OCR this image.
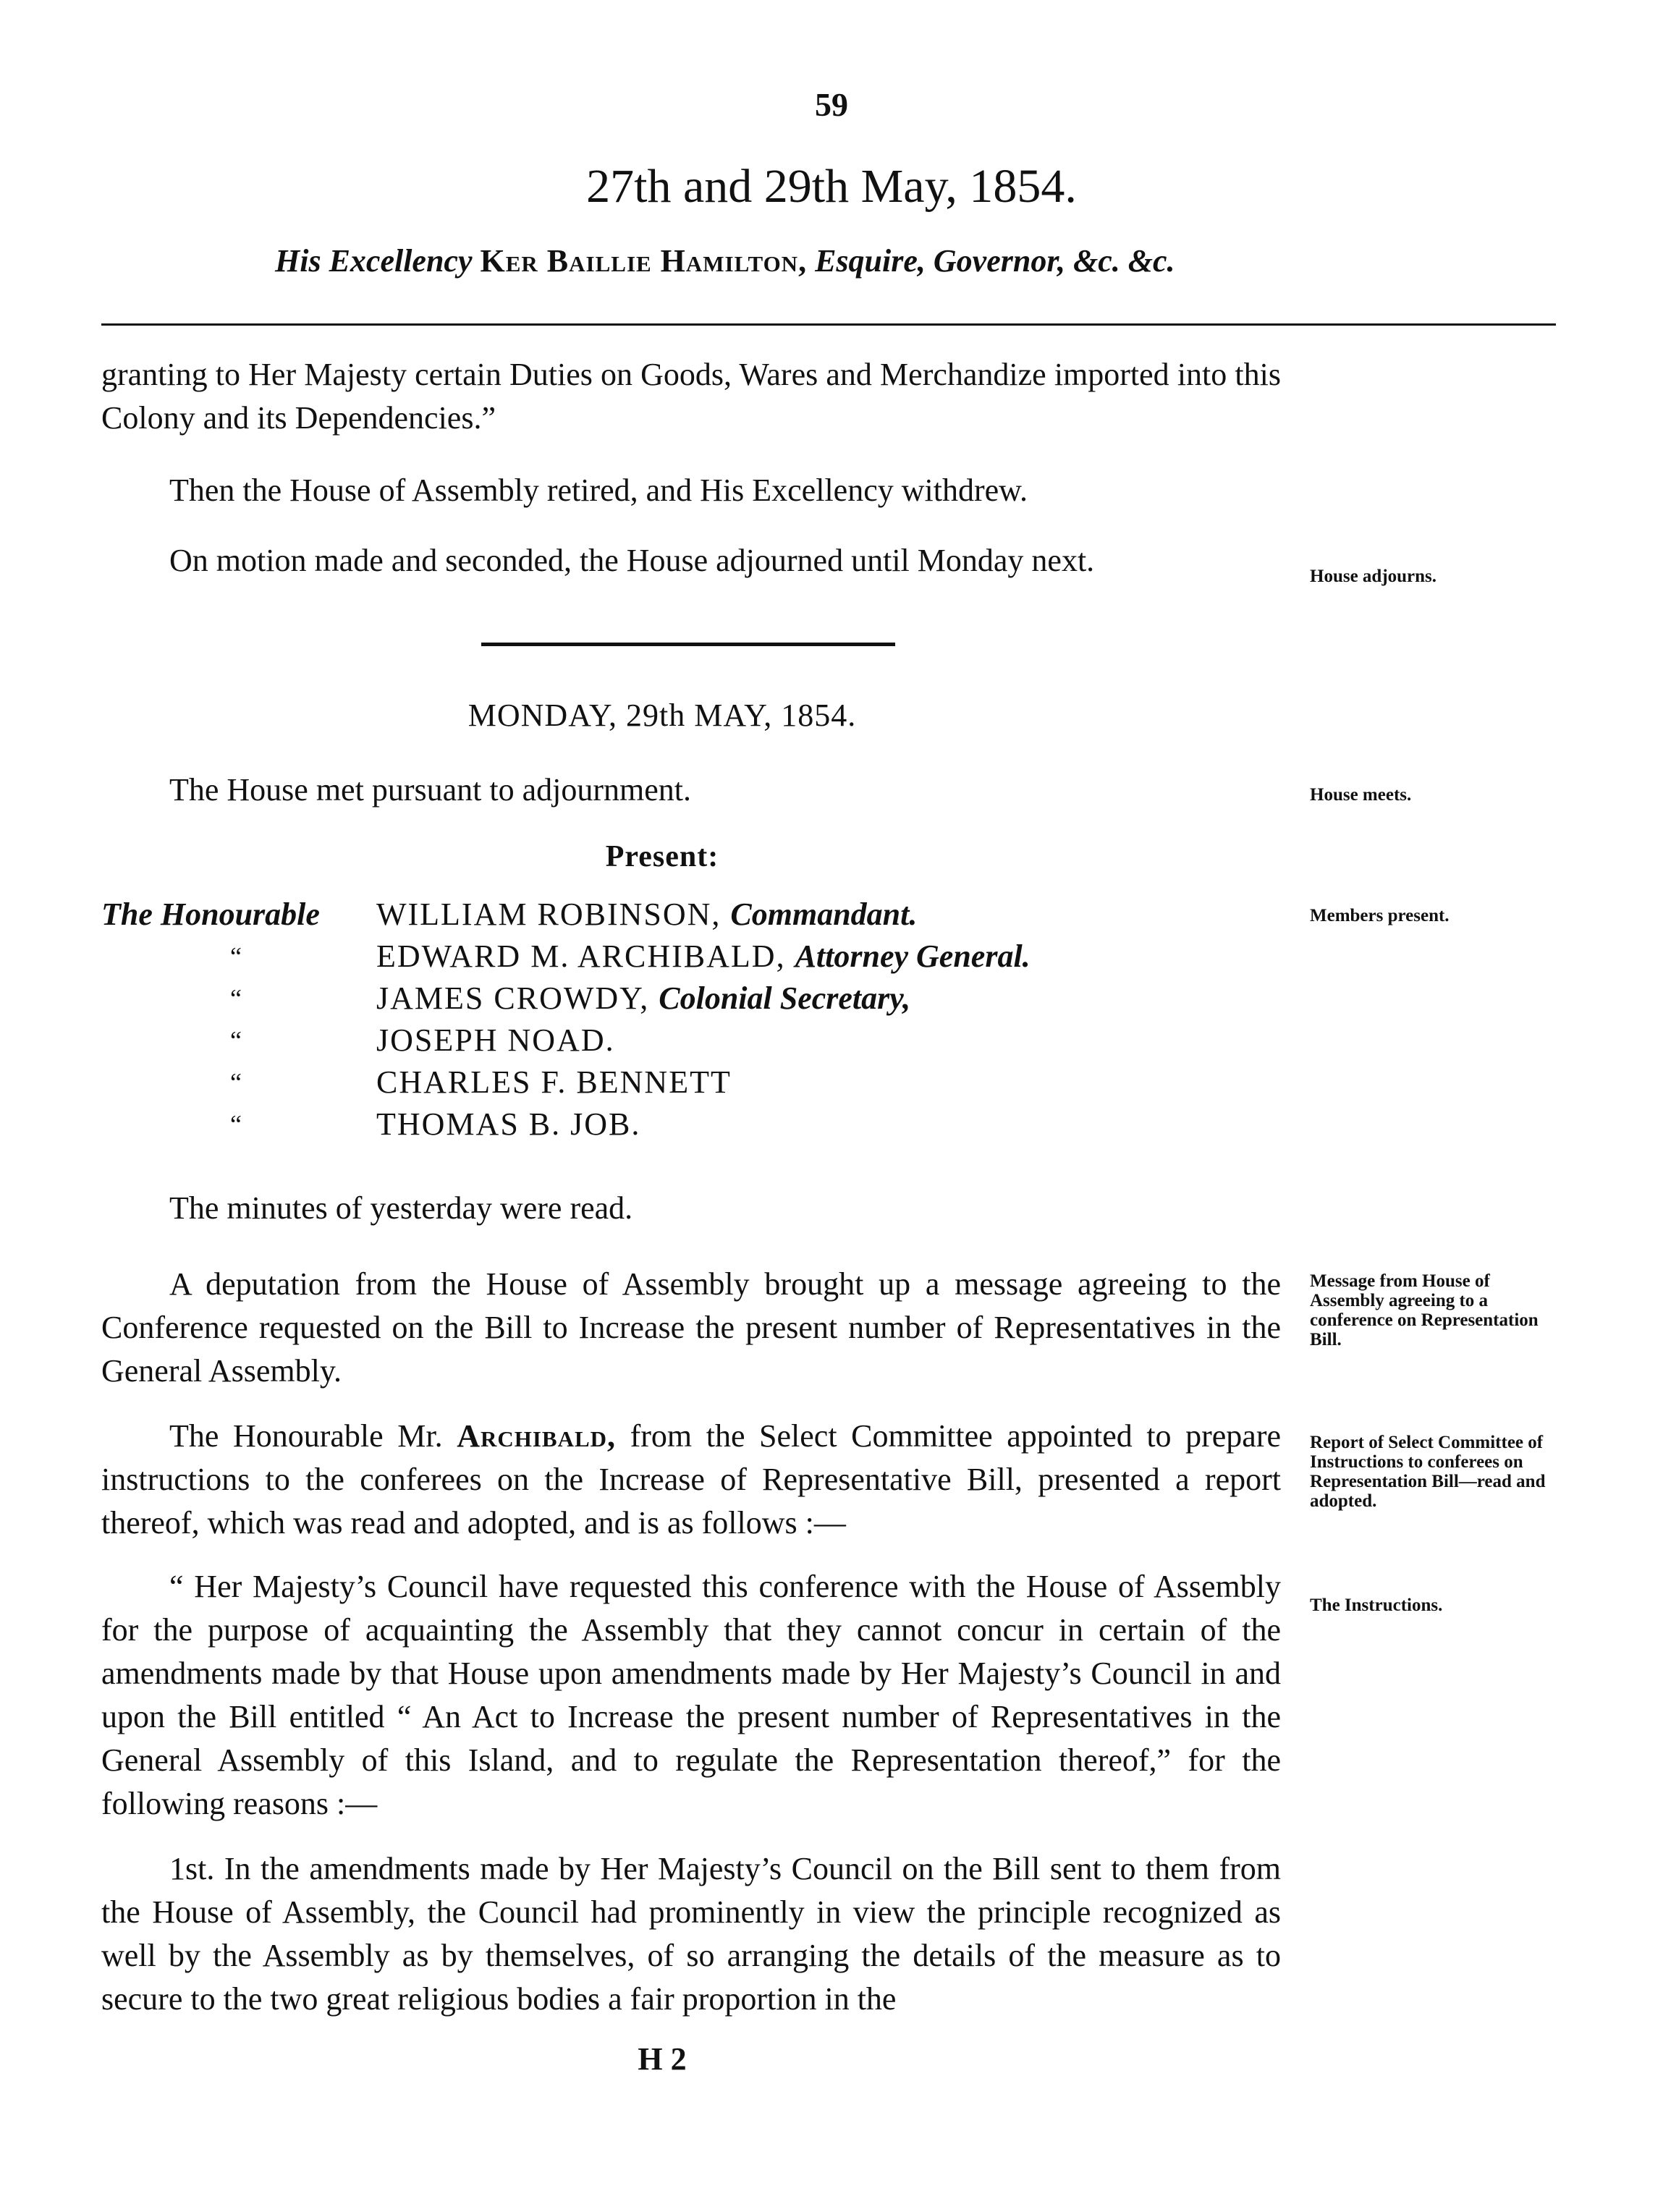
59
27th and 29th May, 1854.
His Excellency Ker Baillie Hamilton, Esquire, Governor, &c. &c.
granting to Her Majesty certain Duties on Goods, Wares and Merchandize imported into this Colony and its Dependencies.”
Then the House of Assembly retired, and His Excellency withdrew.
On motion made and seconded, the House adjourned until Monday next.	House adjourns.
MONDAY, 29th MAY, 1854.
The House met pursuant to adjournment.	House meets.
Present:
Members present.
The Honourable	WILLIAM ROBINSON, Commandant.
“	EDWARD M. ARCHIBALD, Attorney General.
“	JAMES CROWDY, Colonial Secretary,
“	JOSEPH NOAD.
“	CHARLES F. BENNETT
“	THOMAS B. JOB.
The minutes of yesterday were read.
A deputation from the House of Assembly brought up a message agreeing to the Conference requested on the Bill to Increase the present number of Representatives in the General Assembly.
Message from House of Assembly agreeing to a conference on Representation Bill.
The Honourable Mr. Archibald, from the Select Committee appointed to prepare instructions to the conferees on the Increase of Representative Bill, presented a report thereof, which was read and adopted, and is as follows :—
Report of Select Committee of Instructions to conferees on Representation Bill—read and adopted.
“ Her Majesty’s Council have requested this conference with the House of Assembly for the purpose of acquainting the Assembly that they cannot concur in certain of the amendments made by that House upon amendments made by Her Majesty’s Council in and upon the Bill entitled “ An Act to Increase the present number of Representatives in the General Assembly of this Island, and to regulate the Representation thereof,” for the following reasons :—
The Instructions.
1st. In the amendments made by Her Majesty’s Council on the Bill sent to them from the House of Assembly, the Council had prominently in view the principle recognized as well by the Assembly as by themselves, of so arranging the details of the measure as to secure to the two great religious bodies a fair proportion in the
H 2
